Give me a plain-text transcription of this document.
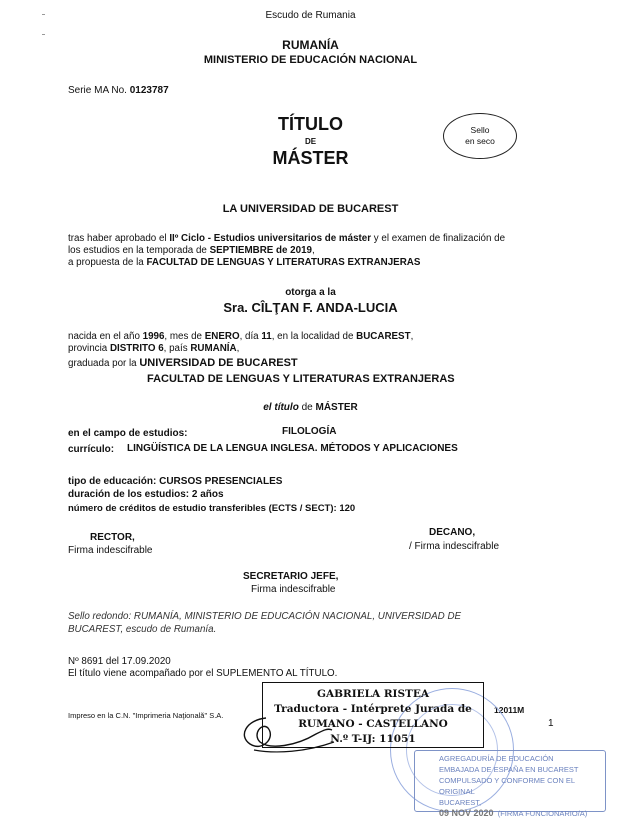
Escudo de Rumania
RUMANÍA
MINISTERIO DE EDUCACIÓN NACIONAL
Serie MA No. 0123787
TÍTULO
DE
MÁSTER
Sello
en seco
LA UNIVERSIDAD DE BUCAREST
tras haber aprobado el IIº Ciclo - Estudios universitarios de máster y el examen de finalización de
los estudios en la temporada de SEPTIEMBRE de 2019,
a propuesta de la FACULTAD DE LENGUAS Y LITERATURAS EXTRANJERAS
otorga a la
Sra. CÎLŢAN F. ANDA-LUCIA
nacida en el año 1996, mes de ENERO, día 11, en la localidad de BUCAREST,
provincia DISTRITO 6, país RUMANÍA,
graduada por la UNIVERSIDAD DE BUCAREST
FACULTAD DE LENGUAS Y LITERATURAS EXTRANJERAS
el título de MÁSTER
en el campo de estudios:	FILOLOGÍA
currículo: LINGÜÍSTICA DE LA LENGUA INGLESA. MÉTODOS Y APLICACIONES
tipo de educación: CURSOS PRESENCIALES
duración de los estudios: 2 años
número de créditos de estudio transferibles (ECTS / SECT): 120
RECTOR,
Firma indescifrable
DECANO,
/ Firma indescifrable
SECRETARIO JEFE,
Firma indescifrable
Sello redondo: RUMANÍA, MINISTERIO DE EDUCACIÓN NACIONAL, UNIVERSIDAD DE
BUCAREST, escudo de Rumanía.
Nº 8691 del 17.09.2020
El título viene acompañado por el SUPLEMENTO AL TÍTULO.
Impreso en la C.N. "Imprimeria Naţională" S.A.
12011M
1
AGREGADURÍA DE EDUCACIÓN
EMBAJADA DE ESPAÑA EN BUCAREST
COMPULSADO Y CONFORME CON EL ORIGINAL
BUCAREST,
09 NOV 2020 (FIRMA FUNCIONARIO/A)
GABRIELA RISTEA
Traductora - Intérprete Jurada de
RUMANO - CASTELLANO
N.º T-IJ: 11051
